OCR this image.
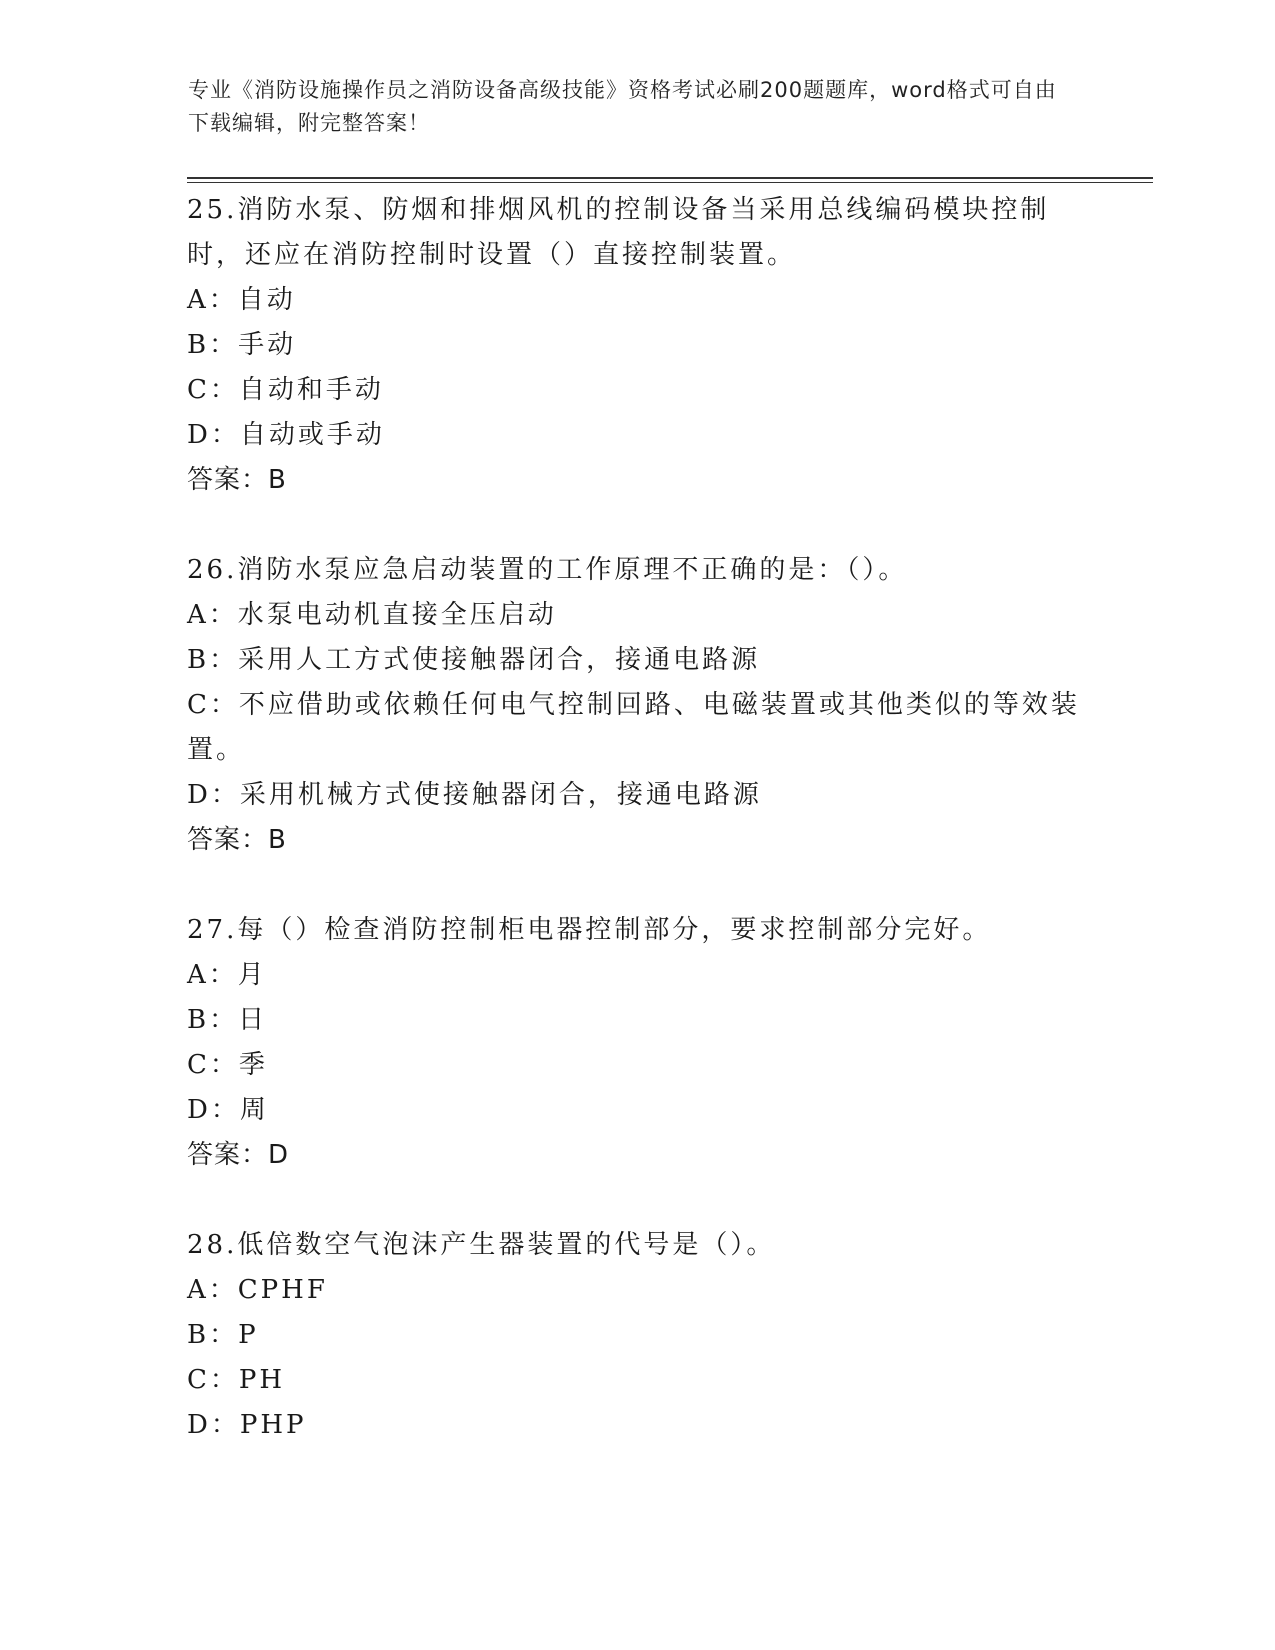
专业《消防设施操作员之消防设备高级技能》资格考试必刷200题题库，word格式可自由下载编辑，附完整答案！

25.消防水泵、防烟和排烟风机的控制设备当采用总线编码模块控制时，还应在消防控制时设置（）直接控制装置。

A：自动

B：手动

C：自动和手动

D：自动或手动

答案：B

26.消防水泵应急启动装置的工作原理不正确的是：（）。

A：水泵电动机直接全压启动

B：采用人工方式使接触器闭合，接通电路源

C：不应借助或依赖任何电气控制回路、电磁装置或其他类似的等效装置。

D：采用机械方式使接触器闭合，接通电路源

答案：B

27.每（）检查消防控制柜电器控制部分，要求控制部分完好。

A：月

B：日

C：季

D：周

答案：D

28.低倍数空气泡沫产生器装置的代号是（）。

A：CPHF

B：P

C：PH

D：PHP
